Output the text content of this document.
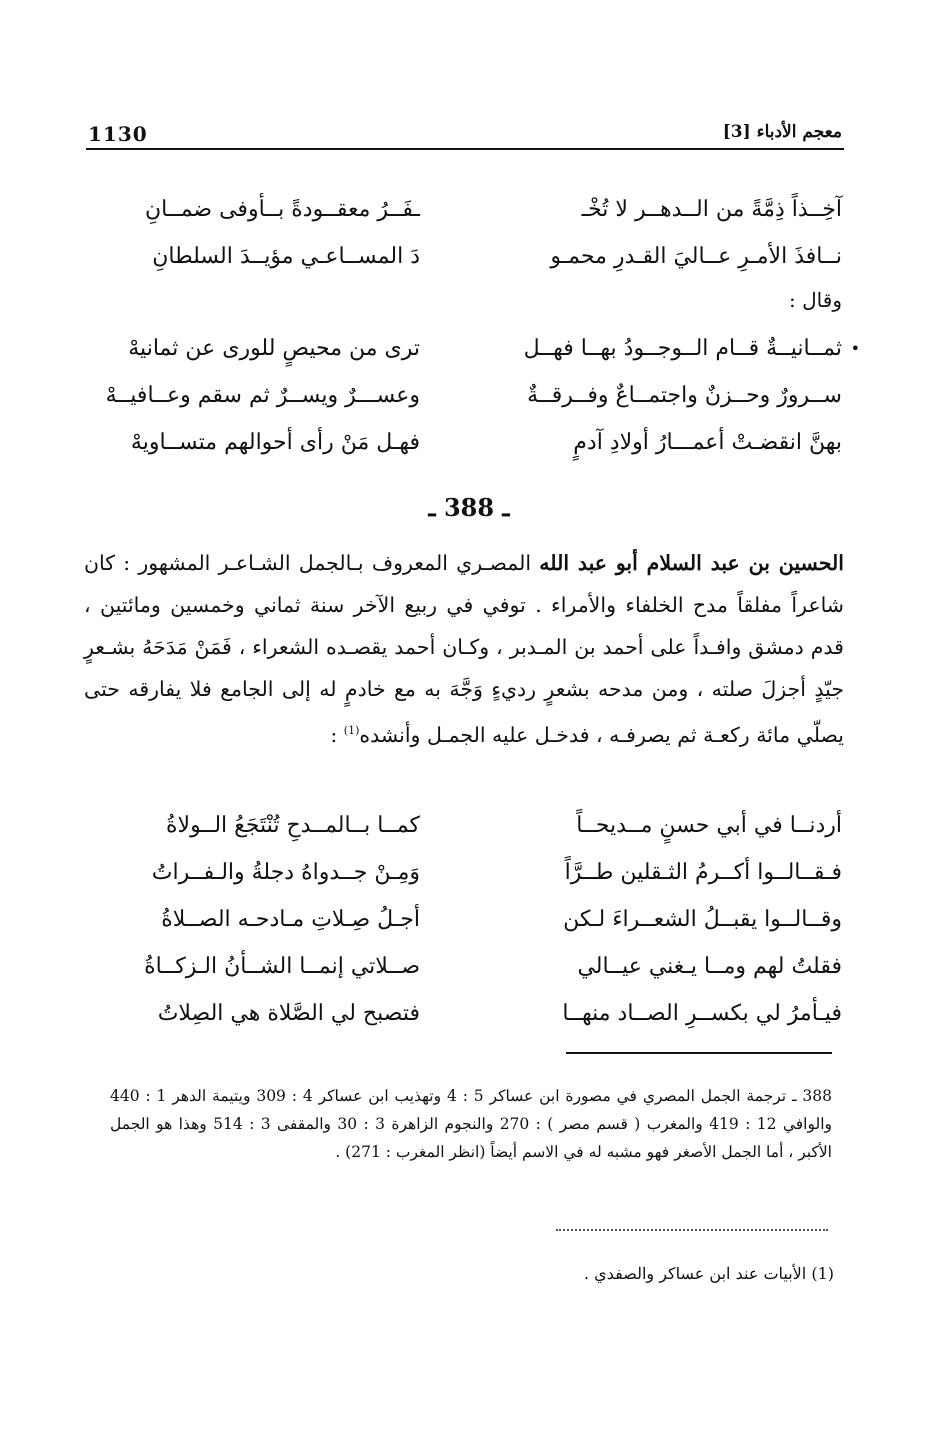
1130	معجم الأدباء [3]
آخِــذاً ذِمَّةً من الــدهــر لا تُخْـ
ـفَــرُ معقــودةً بــأوفى ضمــانِ
نــافذَ الأمـرِ عــاليَ القـدرِ محمـو
دَ المســاعـي مؤيــدَ السلطانِ
وقال :
•
ثمــانيــةٌ قــام الــوجــودُ بهــا فهــل
ترى من محيصٍ للورى عن ثمانيهْ
ســرورٌ وحــزنٌ واجتمــاعٌ وفــرقــةٌ
وعســـرٌ ويســرٌ ثم سقم وعــافيــهْ
بهنَّ انقضـتْ أعمـــارُ أولادِ آدمٍ
فهـل مَنْ رأى أحوالهم متســاويهْ
ـ 388 ـ
الحسين بن عبد السلام أبو عبد الله المصـري المعروف بـالجمل الشـاعـر المشهور : كان شاعراً مفلقاً مدح الخلفاء والأمراء . توفي في ربيع الآخر سنة ثماني وخمسين ومائتين ، قدم دمشق وافـداً على أحمد بن المـدبر ، وكـان أحمد يقصـده الشعراء ، فَمَنْ مَدَحَهُ بشـعرٍ جيّدٍ أجزلَ صلته ، ومن مدحه بشعرٍ رديءٍ وَجَّهَ به مع خادمٍ له إلى الجامع فلا يفارقه حتى يصلّي مائة ركعـة ثم يصرفـه ، فدخـل عليه الجمـل وأنشده$^{(1)}$ :
أردنــا في أبي حسنٍ مــديحــاً
كمــا بــالمــدحِ تُنْتَجَعُ الــولاةُ
فـقــالــوا أكــرمُ الثـقلين طــرَّاً
وَمِـنْ جــدواهُ دجلةُ والـفــراتُ
وقــالــوا يقبــلُ الشعــراءَ لـكن
أجـلُ صِـلاتِ مـادحـه الصــلاةُ
فقلتُ لهم ومــا يـغني عيــالي
صــلاتي إنمــا الشــأنُ الـزكــاةُ
فيـأمرُ لي بكســرِ الصــاد منهــا
فتصبح لي الصَّلاة هي الصِلاتُ
388 ـ ترجمة الجمل المصري في مصورة ابن عساكر 5 : 4 وتهذيب ابن عساكر 4 : 309 ويتيمة الدهر 1 : 440 والوافي 12 : 419 والمغرب ( قسم مصر ) : 270 والنجوم الزاهرة 3 : 30 والمقفى 3 : 514 وهذا هو الجمل الأكبر ، أما الجمل الأصغر فهو مشبه له في الاسم أيضاً (انظر المغرب : 271) .
(1) الأبيات عند ابن عساكر والصفدي .
